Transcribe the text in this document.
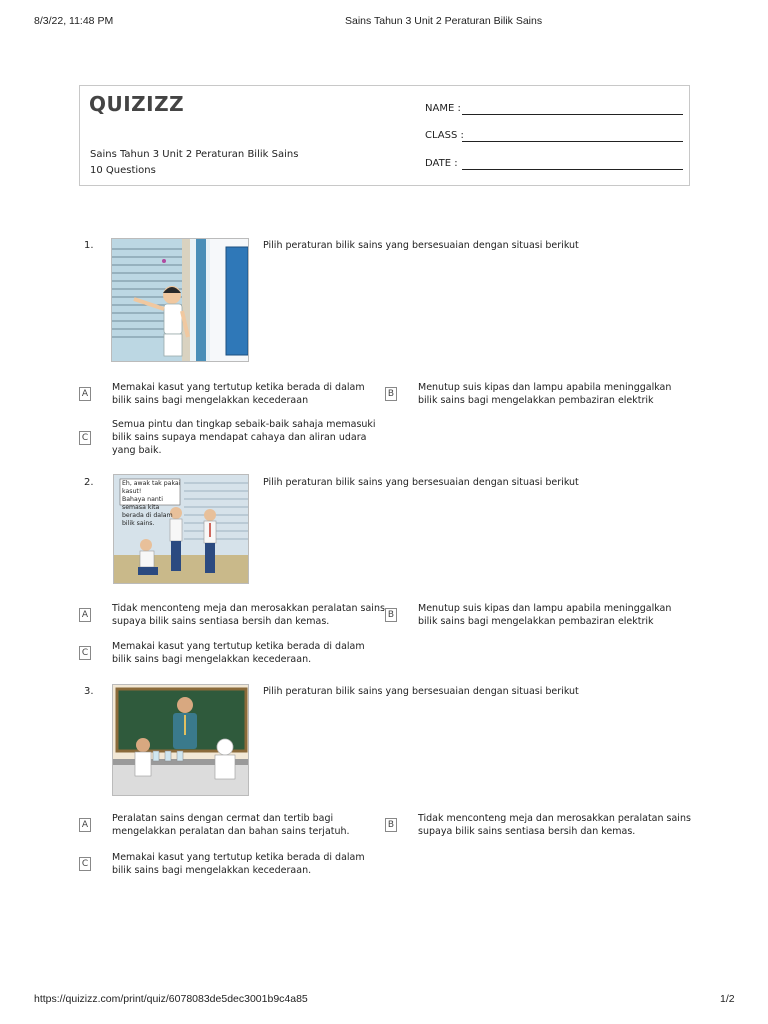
8/3/22, 11:48 PM	Sains Tahun 3 Unit 2 Peraturan Bilik Sains
QUIZIZZ
Sains Tahun 3 Unit 2 Peraturan Bilik Sains
10 Questions
NAME :
CLASS :
DATE :
1.	Pilih peraturan bilik sains yang bersesuaian dengan situasi berikut
A
Memakai kasut yang tertutup ketika berada di dalam
bilik sains bagi mengelakkan kecederaan
B
Menutup suis kipas dan lampu apabila meninggalkan
bilik sains bagi mengelakkan pembaziran elektrik
C
Semua pintu dan tingkap sebaik-baik sahaja memasuki
bilik sains supaya mendapat cahaya dan aliran udara
yang baik.
2.	Eh, awak tak pakai kasut!
Bahaya nanti semasa kita
berada di dalam bilik sains.
Pilih peraturan bilik sains yang bersesuaian dengan situasi berikut
A
Tidak menconteng meja dan merosakkan peralatan sains
supaya bilik sains sentiasa bersih dan kemas.
B
Menutup suis kipas dan lampu apabila meninggalkan
bilik sains bagi mengelakkan pembaziran elektrik
C
Memakai kasut yang tertutup ketika berada di dalam
bilik sains bagi mengelakkan kecederaan.
3.	Pilih peraturan bilik sains yang bersesuaian dengan situasi berikut
A
Peralatan sains dengan cermat dan tertib bagi
mengelakkan peralatan dan bahan sains terjatuh.
B
Tidak menconteng meja dan merosakkan peralatan sains
supaya bilik sains sentiasa bersih dan kemas.
C
Memakai kasut yang tertutup ketika berada di dalam
bilik sains bagi mengelakkan kecederaan.
https://quizizz.com/print/quiz/6078083de5dec3001b9c4a85	1/2
